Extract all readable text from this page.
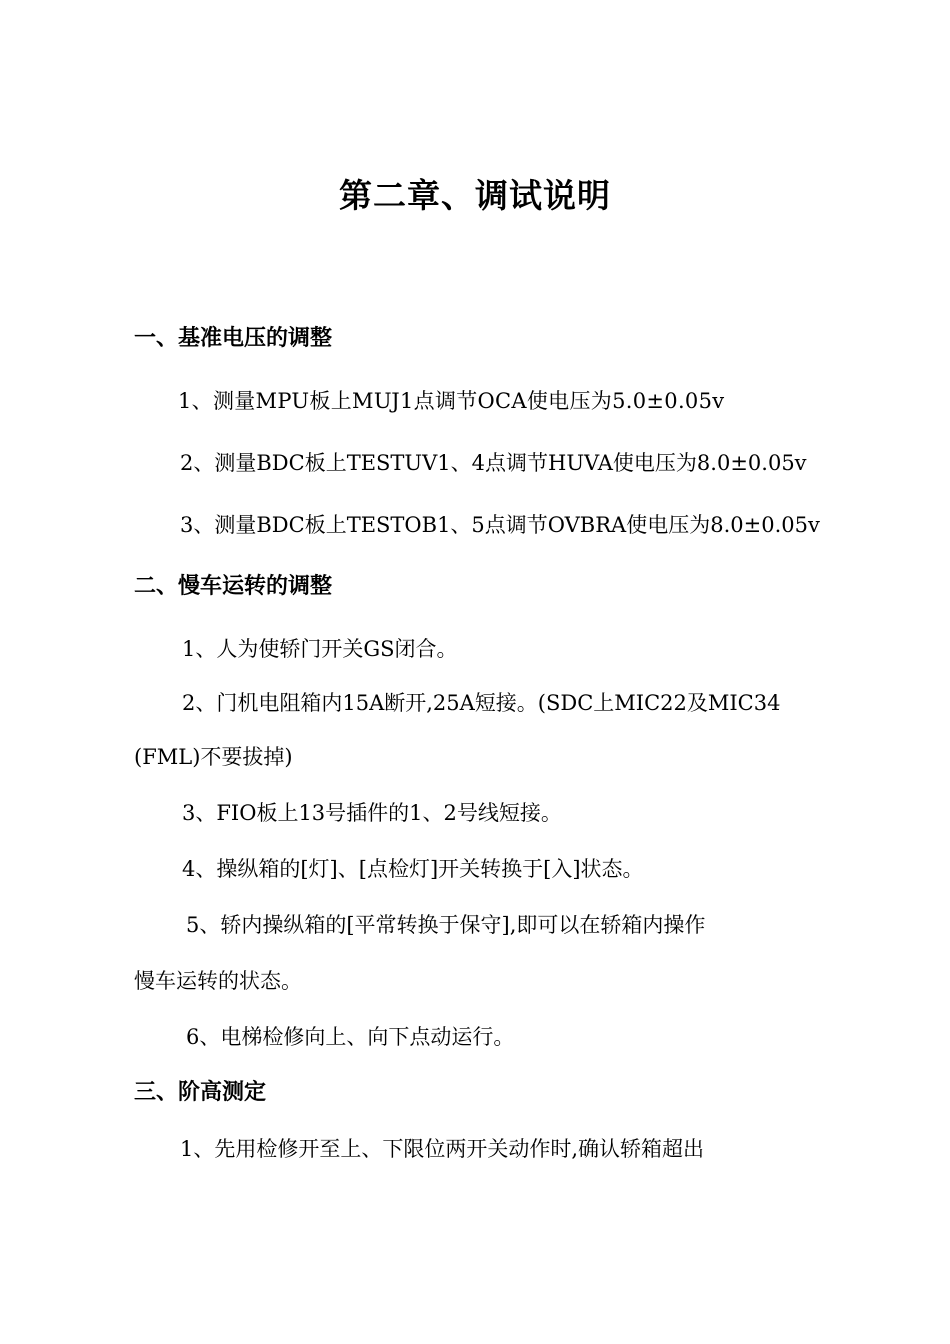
第二章、调试说明
一、基准电压的调整
1、测量MPU板上MUJ1点调节OCA使电压为5.0±0.05v
2、测量BDC板上TESTUV1、4点调节HUVA使电压为8.0±0.05v
3、测量BDC板上TESTOB1、5点调节OVBRA使电压为8.0±0.05v
二、慢车运转的调整
1、人为使轿门开关GS闭合。
2、门机电阻箱内15A断开,25A短接。(SDC上MIC22及MIC34
(FML)不要拔掉)
3、FIO板上13号插件的1、2号线短接。
4、操纵箱的[灯]、[点检灯]开关转换于[入]状态。
5、轿内操纵箱的[平常转换于保守],即可以在轿箱内操作
慢车运转的状态。
6、电梯检修向上、向下点动运行。
三、阶高测定
1、先用检修开至上、下限位两开关动作时,确认轿箱超出
